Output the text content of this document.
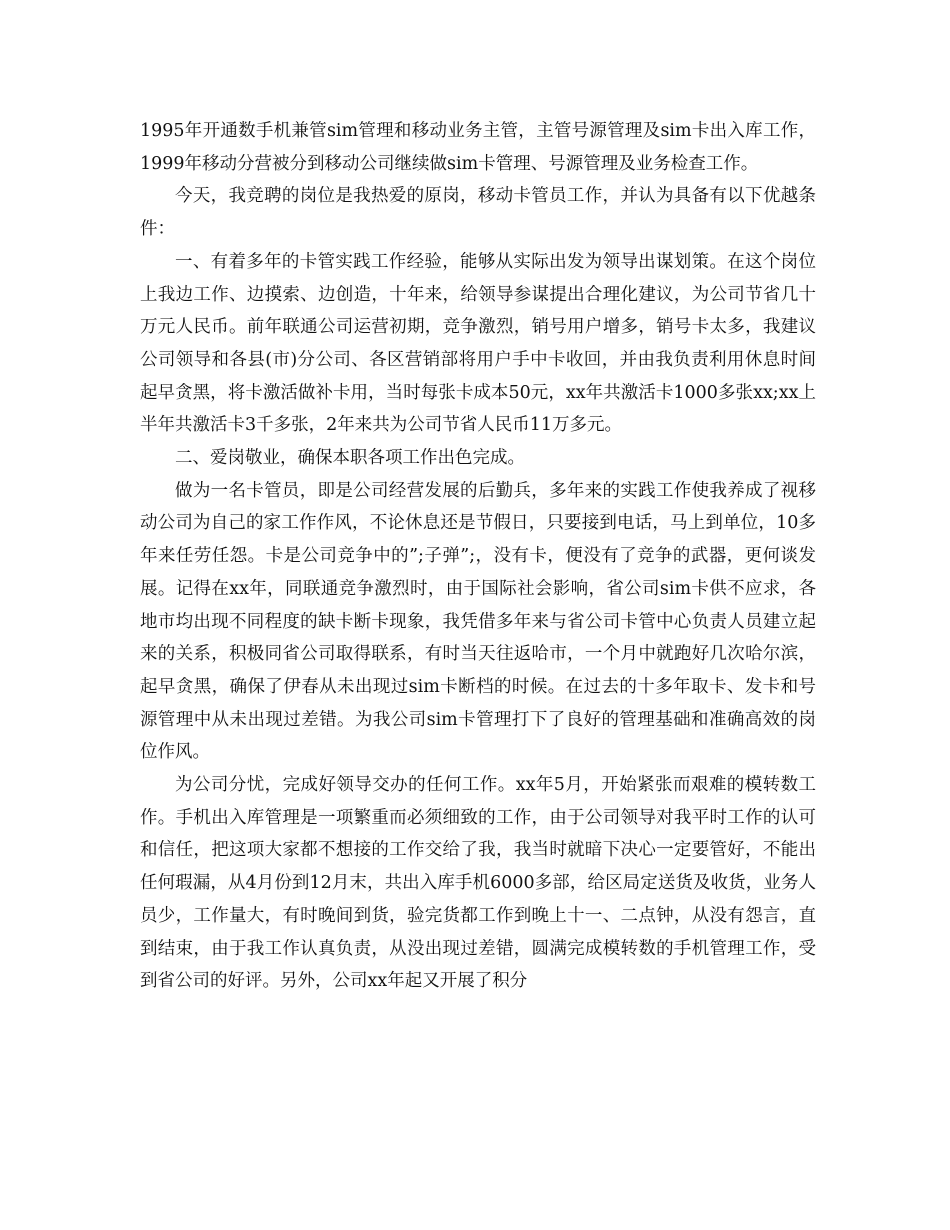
1995年开通数手机兼管sim管理和移动业务主管，主管号源管理及sim卡出入库工作，1999年移动分营被分到移动公司继续做sim卡管理、号源管理及业务检查工作。

今天，我竞聘的岗位是我热爱的原岗，移动卡管员工作，并认为具备有以下优越条件：

一、有着多年的卡管实践工作经验，能够从实际出发为领导出谋划策。在这个岗位上我边工作、边摸索、边创造，十年来，给领导参谋提出合理化建议，为公司节省几十万元人民币。前年联通公司运营初期，竞争激烈，销号用户增多，销号卡太多，我建议公司领导和各县(市)分公司、各区营销部将用户手中卡收回，并由我负责利用休息时间起早贪黑，将卡激活做补卡用，当时每张卡成本50元，xx年共激活卡1000多张xx;xx上半年共激活卡3千多张，2年来共为公司节省人民币11万多元。

二、爱岗敬业，确保本职各项工作出色完成。

做为一名卡管员，即是公司经营发展的后勤兵，多年来的实践工作使我养成了视移动公司为自己的家工作作风，不论休息还是节假日，只要接到电话，马上到单位，10多年来任劳任怨。卡是公司竞争中的”;子弹”;，没有卡，便没有了竞争的武器，更何谈发展。记得在xx年，同联通竞争激烈时，由于国际社会影响，省公司sim卡供不应求，各地市均出现不同程度的缺卡断卡现象，我凭借多年来与省公司卡管中心负责人员建立起来的关系，积极同省公司取得联系，有时当天往返哈市，一个月中就跑好几次哈尔滨，起早贪黑，确保了伊春从未出现过sim卡断档的时候。在过去的十多年取卡、发卡和号源管理中从未出现过差错。为我公司sim卡管理打下了良好的管理基础和准确高效的岗位作风。

为公司分忧，完成好领导交办的任何工作。xx年5月，开始紧张而艰难的模转数工作。手机出入库管理是一项繁重而必须细致的工作，由于公司领导对我平时工作的认可和信任，把这项大家都不想接的工作交给了我，我当时就暗下决心一定要管好，不能出任何瑕漏，从4月份到12月末，共出入库手机6000多部，给区局定送货及收货，业务人员少，工作量大，有时晚间到货，验完货都工作到晚上十一、二点钟，从没有怨言，直到结束，由于我工作认真负责，从没出现过差错，圆满完成模转数的手机管理工作，受到省公司的好评。另外，公司xx年起又开展了积分
